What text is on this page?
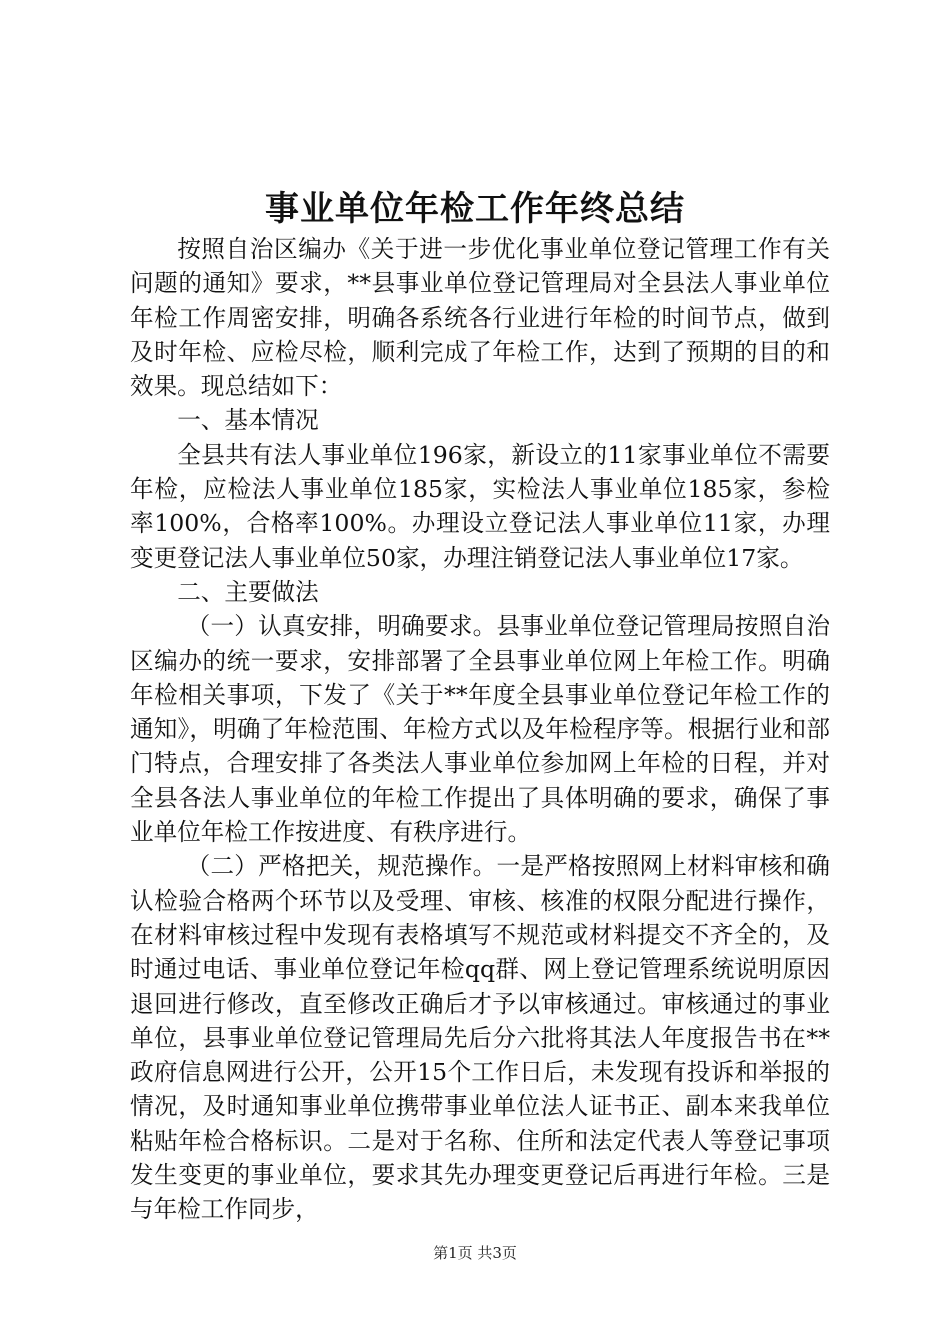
事业单位年检工作年终总结

按照自治区编办《关于进一步优化事业单位登记管理工作有关问题的通知》要求，**县事业单位登记管理局对全县法人事业单位年检工作周密安排，明确各系统各行业进行年检的时间节点，做到及时年检、应检尽检，顺利完成了年检工作，达到了预期的目的和效果。现总结如下：

一、基本情况

全县共有法人事业单位196家，新设立的11家事业单位不需要年检，应检法人事业单位185家，实检法人事业单位185家，参检率100%，合格率100%。办理设立登记法人事业单位11家，办理变更登记法人事业单位50家，办理注销登记法人事业单位17家。

二、主要做法

（一）认真安排，明确要求。县事业单位登记管理局按照自治区编办的统一要求，安排部署了全县事业单位网上年检工作。明确年检相关事项，下发了《关于**年度全县事业单位登记年检工作的通知》，明确了年检范围、年检方式以及年检程序等。根据行业和部门特点，合理安排了各类法人事业单位参加网上年检的日程，并对全县各法人事业单位的年检工作提出了具体明确的要求，确保了事业单位年检工作按进度、有秩序进行。

（二）严格把关，规范操作。一是严格按照网上材料审核和确认检验合格两个环节以及受理、审核、核准的权限分配进行操作，在材料审核过程中发现有表格填写不规范或材料提交不齐全的，及时通过电话、事业单位登记年检qq群、网上登记管理系统说明原因退回进行修改，直至修改正确后才予以审核通过。审核通过的事业单位，县事业单位登记管理局先后分六批将其法人年度报告书在**政府信息网进行公开，公开15个工作日后，未发现有投诉和举报的情况，及时通知事业单位携带事业单位法人证书正、副本来我单位粘贴年检合格标识。二是对于名称、住所和法定代表人等登记事项发生变更的事业单位，要求其先办理变更登记后再进行年检。三是与年检工作同步，

第1页 共3页
